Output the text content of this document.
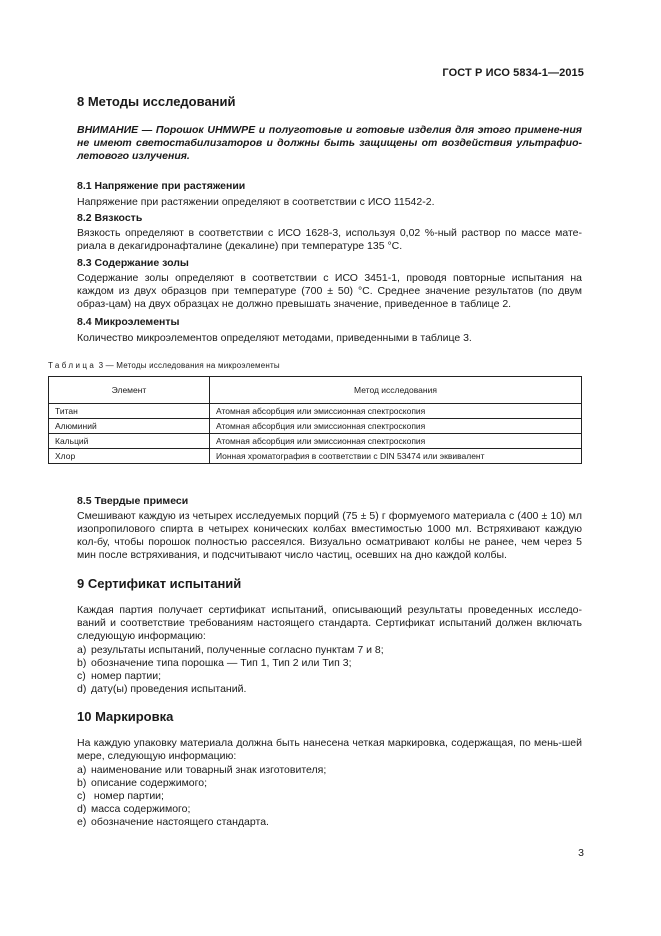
ГОСТ Р ИСО 5834-1—2015
8 Методы исследований
ВНИМАНИЕ — Порошок UHMWPE и полуготовые и готовые изделия для этого примене-ния не имеют светостабилизаторов и должны быть защищены от воздействия ультрафио-летового излучения.
8.1 Напряжение при растяжении
Напряжение при растяжении определяют в соответствии с ИСО 11542-2.
8.2 Вязкость
Вязкость определяют в соответствии с ИСО 1628-3, используя 0,02 %-ный раствор по массе мате-риала в декагидронафталине (декалине) при температуре 135 °C.
8.3 Содержание золы
Содержание золы определяют в соответствии с ИСО 3451-1, проводя повторные испытания на каждом из двух образцов при температуре (700 ± 50) °C. Среднее значение результатов (по двум образ-цам) на двух образцах не должно превышать значение, приведенное в таблице 2.
8.4 Микроэлементы
Количество микроэлементов определяют методами, приведенными в таблице 3.
Таблица 3 — Методы исследования на микроэлементы
Элемент	Метод исследования
Титан	Атомная абсорбция или эмиссионная спектроскопия
Алюминий	Атомная абсорбция или эмиссионная спектроскопия
Кальций	Атомная абсорбция или эмиссионная спектроскопия
Хлор	Ионная хроматография в соответствии с DIN 53474 или эквивалент
8.5 Твердые примеси
Смешивают каждую из четырех исследуемых порций (75 ± 5) г формуемого материала с (400 ± 10) мл изопропилового спирта в четырех конических колбах вместимостью 1000 мл. Встряхивают каждую кол-бу, чтобы порошок полностью рассеялся. Визуально осматривают колбы не ранее, чем через 5 мин после встряхивания, и подсчитывают число частиц, осевших на дно каждой колбы.
9 Сертификат испытаний
Каждая партия получает сертификат испытаний, описывающий результаты проведенных исследо-ваний и соответствие требованиям настоящего стандарта. Сертификат испытаний должен включать следующую информацию:
a) результаты испытаний, полученные согласно пунктам 7 и 8;
b) обозначение типа порошка — Тип 1, Тип 2 или Тип 3;
c) номер партии;
d) дату(ы) проведения испытаний.
10 Маркировка
На каждую упаковку материала должна быть нанесена четкая маркировка, содержащая, по мень-шей мере, следующую информацию:
a) наименование или товарный знак изготовителя;
b) описание содержимого;
c) номер партии;
d) масса содержимого;
e) обозначение настоящего стандарта.
3
